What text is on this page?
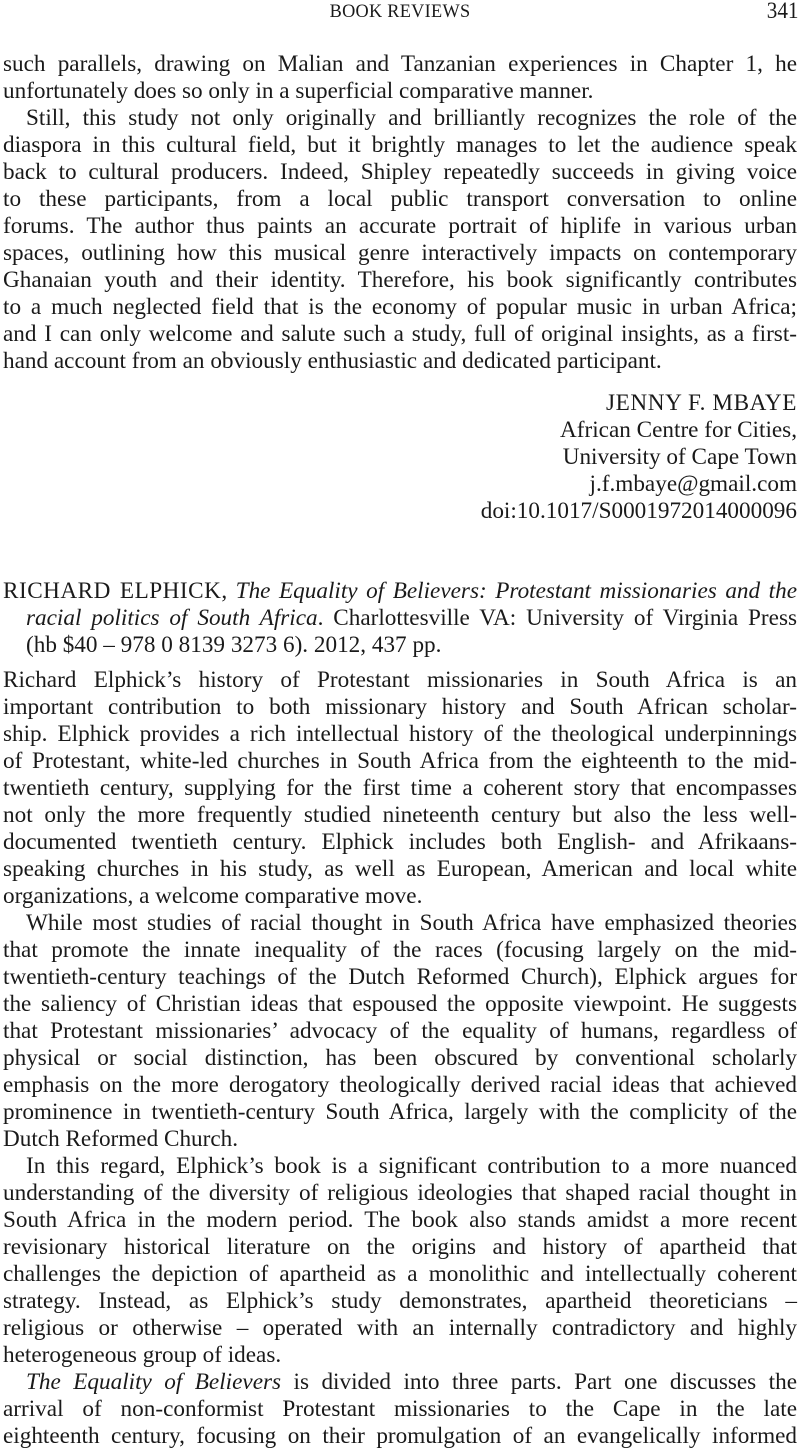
BOOK REVIEWS	341
such parallels, drawing on Malian and Tanzanian experiences in Chapter 1, he
unfortunately does so only in a superficial comparative manner.
Still, this study not only originally and brilliantly recognizes the role of the
diaspora in this cultural field, but it brightly manages to let the audience speak
back to cultural producers. Indeed, Shipley repeatedly succeeds in giving voice
to these participants, from a local public transport conversation to online
forums. The author thus paints an accurate portrait of hiplife in various urban
spaces, outlining how this musical genre interactively impacts on contemporary
Ghanaian youth and their identity. Therefore, his book significantly contributes
to a much neglected field that is the economy of popular music in urban Africa;
and I can only welcome and salute such a study, full of original insights, as a first-
hand account from an obviously enthusiastic and dedicated participant.
JENNY F. MBAYE
African Centre for Cities,
University of Cape Town
j.f.mbaye@gmail.com
doi:10.1017/S0001972014000096
RICHARD ELPHICK, The Equality of Believers: Protestant missionaries and the
racial politics of South Africa. Charlottesville VA: University of Virginia Press
(hb $40 – 978 0 8139 3273 6). 2012, 437 pp.
Richard Elphick’s history of Protestant missionaries in South Africa is an
important contribution to both missionary history and South African scholar-
ship. Elphick provides a rich intellectual history of the theological underpinnings
of Protestant, white-led churches in South Africa from the eighteenth to the mid-
twentieth century, supplying for the first time a coherent story that encompasses
not only the more frequently studied nineteenth century but also the less well-
documented twentieth century. Elphick includes both English- and Afrikaans-
speaking churches in his study, as well as European, American and local white
organizations, a welcome comparative move.
While most studies of racial thought in South Africa have emphasized theories
that promote the innate inequality of the races (focusing largely on the mid-
twentieth-century teachings of the Dutch Reformed Church), Elphick argues for
the saliency of Christian ideas that espoused the opposite viewpoint. He suggests
that Protestant missionaries’ advocacy of the equality of humans, regardless of
physical or social distinction, has been obscured by conventional scholarly
emphasis on the more derogatory theologically derived racial ideas that achieved
prominence in twentieth-century South Africa, largely with the complicity of the
Dutch Reformed Church.
In this regard, Elphick’s book is a significant contribution to a more nuanced
understanding of the diversity of religious ideologies that shaped racial thought in
South Africa in the modern period. The book also stands amidst a more recent
revisionary historical literature on the origins and history of apartheid that
challenges the depiction of apartheid as a monolithic and intellectually coherent
strategy. Instead, as Elphick’s study demonstrates, apartheid theoreticians –
religious or otherwise – operated with an internally contradictory and highly
heterogeneous group of ideas.
The Equality of Believers is divided into three parts. Part one discusses the
arrival of non-conformist Protestant missionaries to the Cape in the late
eighteenth century, focusing on their promulgation of an evangelically informed
